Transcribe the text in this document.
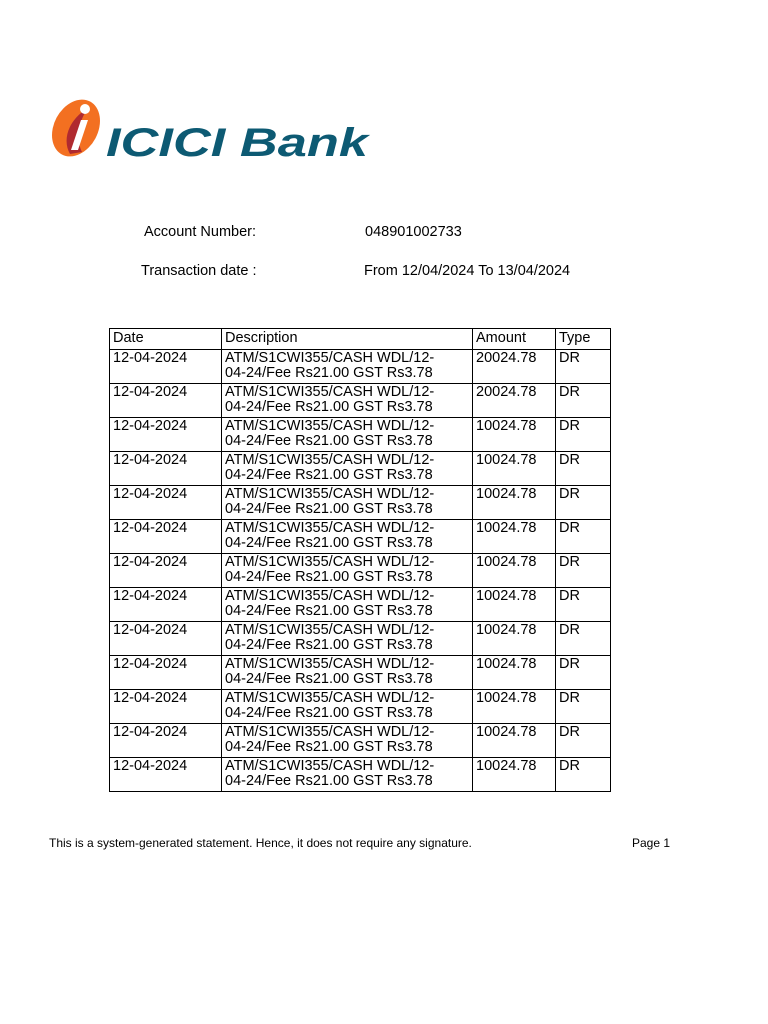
ICICI Bank
Account Number:	048901002733
Transaction date :	From 12/04/2024 To 13/04/2024
Date	Description	Amount	Type
12-04-2024	ATM/S1CWI355/CASH WDL/12-
04-24/Fee Rs21.00 GST Rs3.78	20024.78	DR
12-04-2024	ATM/S1CWI355/CASH WDL/12-
04-24/Fee Rs21.00 GST Rs3.78	20024.78	DR
12-04-2024	ATM/S1CWI355/CASH WDL/12-
04-24/Fee Rs21.00 GST Rs3.78	10024.78	DR
12-04-2024	ATM/S1CWI355/CASH WDL/12-
04-24/Fee Rs21.00 GST Rs3.78	10024.78	DR
12-04-2024	ATM/S1CWI355/CASH WDL/12-
04-24/Fee Rs21.00 GST Rs3.78	10024.78	DR
12-04-2024	ATM/S1CWI355/CASH WDL/12-
04-24/Fee Rs21.00 GST Rs3.78	10024.78	DR
12-04-2024	ATM/S1CWI355/CASH WDL/12-
04-24/Fee Rs21.00 GST Rs3.78	10024.78	DR
12-04-2024	ATM/S1CWI355/CASH WDL/12-
04-24/Fee Rs21.00 GST Rs3.78	10024.78	DR
12-04-2024	ATM/S1CWI355/CASH WDL/12-
04-24/Fee Rs21.00 GST Rs3.78	10024.78	DR
12-04-2024	ATM/S1CWI355/CASH WDL/12-
04-24/Fee Rs21.00 GST Rs3.78	10024.78	DR
12-04-2024	ATM/S1CWI355/CASH WDL/12-
04-24/Fee Rs21.00 GST Rs3.78	10024.78	DR
12-04-2024	ATM/S1CWI355/CASH WDL/12-
04-24/Fee Rs21.00 GST Rs3.78	10024.78	DR
12-04-2024	ATM/S1CWI355/CASH WDL/12-
04-24/Fee Rs21.00 GST Rs3.78	10024.78	DR
This is a system-generated statement. Hence, it does not require any signature.	Page 1
